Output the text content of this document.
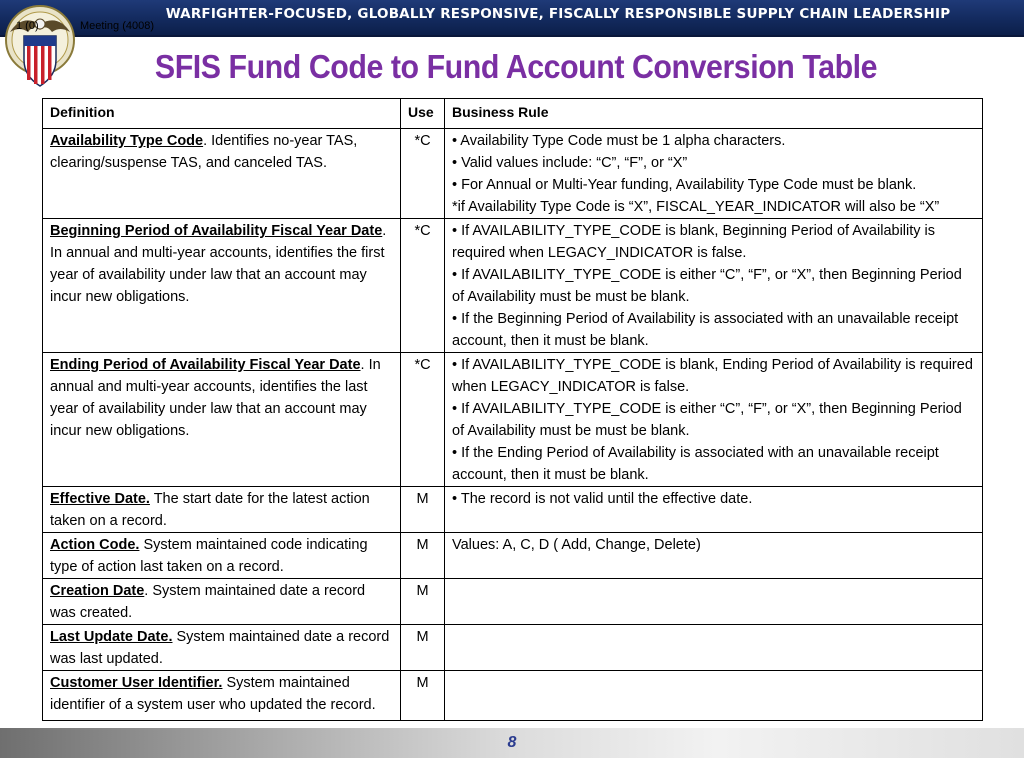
WARFIGHTER-FOCUSED, GLOBALLY RESPONSIVE, FISCALLY RESPONSIBLE SUPPLY CHAIN LEADERSHIP
1 (0)	Meeting (4008)
SFIS Fund Code to Fund Account Conversion Table
Definition	Use	Business Rule
Availability Type Code. Identifies no-year TAS, clearing/suspense TAS, and canceled TAS.	*C	• Availability Type Code must be 1 alpha characters.
• Valid values include: “C”, “F”, or “X”
• For Annual or Multi-Year funding, Availability Type Code must be blank.
*if Availability Type Code is “X”, FISCAL_YEAR_INDICATOR will also be “X”

Beginning Period of Availability Fiscal Year Date. In annual and multi-year accounts, identifies the first year of availability under law that an account may incur new obligations.	*C	• If AVAILABILITY_TYPE_CODE is blank, Beginning Period of Availability is required when LEGACY_INDICATOR is false.
• If AVAILABILITY_TYPE_CODE is either “C”, “F”, or “X”, then Beginning Period of Availability must be must be blank.
• If the Beginning Period of Availability is associated with an unavailable receipt account, then it must be blank.

Ending Period of Availability Fiscal Year Date. In annual and multi-year accounts, identifies the last year of availability under law that an account may incur new obligations.	*C	• If AVAILABILITY_TYPE_CODE is blank, Ending Period of Availability is required when LEGACY_INDICATOR is false.
• If AVAILABILITY_TYPE_CODE is either “C”, “F”, or “X”, then Beginning Period of Availability must be must be blank.
• If the Ending Period of Availability is associated with an unavailable receipt account, then it must be blank.

Effective Date. The start date for the latest action taken on a record.	M	• The record is not valid until the effective date.

Action Code. System maintained code indicating type of action last taken on a record.	M	Values: A, C, D ( Add, Change, Delete)

Creation Date. System maintained date a record was created.	M	
Last Update Date. System maintained date a record was last updated.	M	
Customer User Identifier. System maintained identifier of a system user who updated the record.	M	
8
